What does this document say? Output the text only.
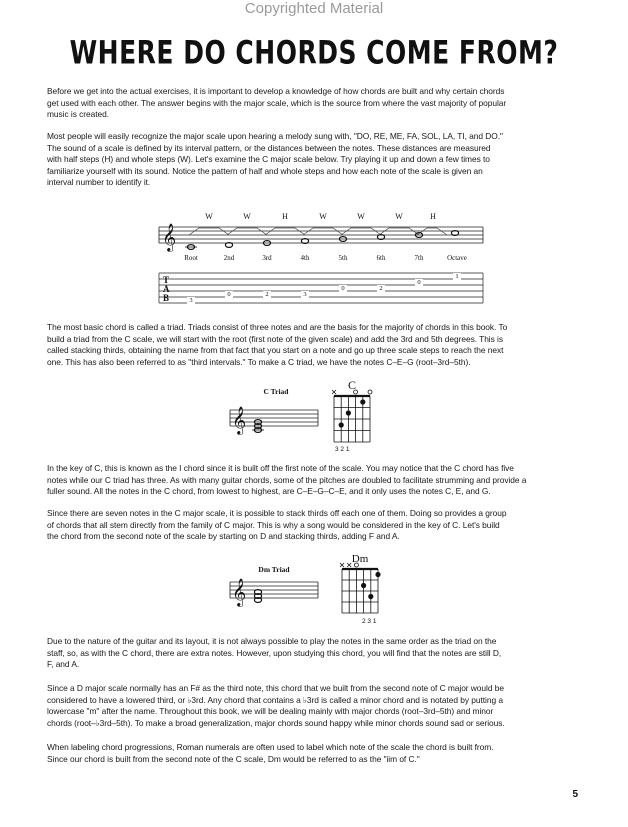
Copyrighted Material
WHERE DO CHORDS COME FROM?

Before we get into the actual exercises, it is important to develop a knowledge of how chords are built and why certain chords
get used with each other. The answer begins with the major scale, which is the source from where the vast majority of popular
music is created.

Most people will easily recognize the major scale upon hearing a melody sung with, "DO, RE, ME, FA, SOL, LA, TI, and DO."
The sound of a scale is defined by its interval pattern, or the distances between the notes. These distances are measured
with half steps (H) and whole steps (W). Let's examine the C major scale below. Try playing it up and down a few times to
familiarize yourself with its sound. Notice the pattern of half and whole steps and how each note of the scale is given an
interval number to identify it.

𝄞
W	W	H	W	W	W	H
Root	2nd	3rd	4th	5th	6th	7th	Octave
T
A
B	3
0	2	3
0	2
0
1

The most basic chord is called a triad. Triads consist of three notes and are the basis for the majority of chords in this book. To
build a triad from the C scale, we will start with the root (first note of the given scale) and add the 3rd and 5th degrees. This is
called stacking thirds, obtaining the name from that fact that you start on a note and go up three scale steps to reach the next
one. This has also been referred to as "third intervals." To make a C triad, we have the notes C–E–G (root–3rd–5th).

C Triad
𝄞
C
3 2 1

In the key of C, this is known as the I chord since it is built off the first note of the scale. You may notice that the C chord has five
notes while our C triad has three. As with many guitar chords, some of the pitches are doubled to facilitate strumming and provide a
fuller sound. All the notes in the C chord, from lowest to highest, are C–E–G–C–E, and it only uses the notes C, E, and G.

Since there are seven notes in the C major scale, it is possible to stack thirds off each one of them. Doing so provides a group
of chords that all stem directly from the family of C major. This is why a song would be considered in the key of C. Let's build
the chord from the second note of the scale by starting on D and stacking thirds, adding F and A.

Dm Triad
𝄞
Dm
2 3 1

Due to the nature of the guitar and its layout, it is not always possible to play the notes in the same order as the triad on the
staff, so, as with the C chord, there are extra notes. However, upon studying this chord, you will find that the notes are still D,
F, and A.

Since a D major scale normally has an F# as the third note, this chord that we built from the second note of C major would be
considered to have a lowered third, or ♭3rd. Any chord that contains a ♭3rd is called a minor chord and is notated by putting a
lowercase "m" after the name. Throughout this book, we will be dealing mainly with major chords (root–3rd–5th) and minor
chords (root–♭3rd–5th). To make a broad generalization, major chords sound happy while minor chords sound sad or serious.

When labeling chord progressions, Roman numerals are often used to label which note of the scale the chord is built from.
Since our chord is built from the second note of the C scale, Dm would be referred to as the "iim of C."

5
